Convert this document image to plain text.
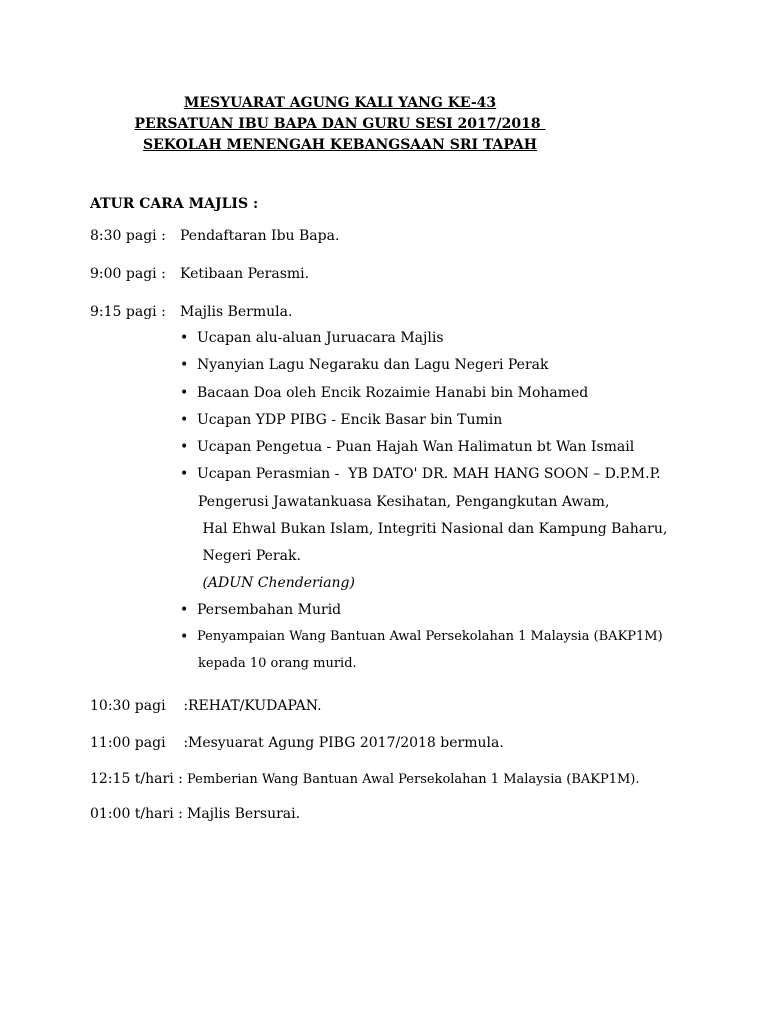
MESYUARAT AGUNG KALI YANG KE-43
PERSATUAN IBU BAPA DAN GURU SESI 2017/2018
SEKOLAH MENENGAH KEBANGSAAN SRI TAPAH
ATUR CARA MAJLIS :

8:30 pagi :

Pendaftaran Ibu Bapa.

9:00 pagi :

Ketibaan Perasmi.

9:15 pagi :

Majlis Bermula.

• Ucapan alu-aluan Juruacara Majlis
• Nyanyian Lagu Negaraku dan Lagu Negeri Perak
• Bacaan Doa oleh Encik Rozaimie Hanabi bin Mohamed
• Ucapan YDP PIBG - Encik Basar bin Tumin
• Ucapan Pengetua - Puan Hajah Wan Halimatun bt Wan Ismail
• Ucapan Perasmian -  YB DATO' DR. MAH HANG SOON – D.P.M.P.
• Persembahan Murid
• Penyampaian Wang Bantuan Awal Persekolahan 1 Malaysia (BAKP1M)
Pengerusi Jawatankuasa Kesihatan, Pengangkutan Awam,
Hal Ehwal Bukan Islam, Integriti Nasional dan Kampung Baharu,
Negeri Perak.
(ADUN Chenderiang)
kepada 10 orang murid.

10:30 pagi    :

REHAT/KUDAPAN.

11:00 pagi    :

Mesyuarat Agung PIBG 2017/2018 bermula.

12:15 t/hari :

Pemberian Wang Bantuan Awal Persekolahan 1 Malaysia (BAKP1M).

01:00 t/hari :

Majlis Bersurai.
